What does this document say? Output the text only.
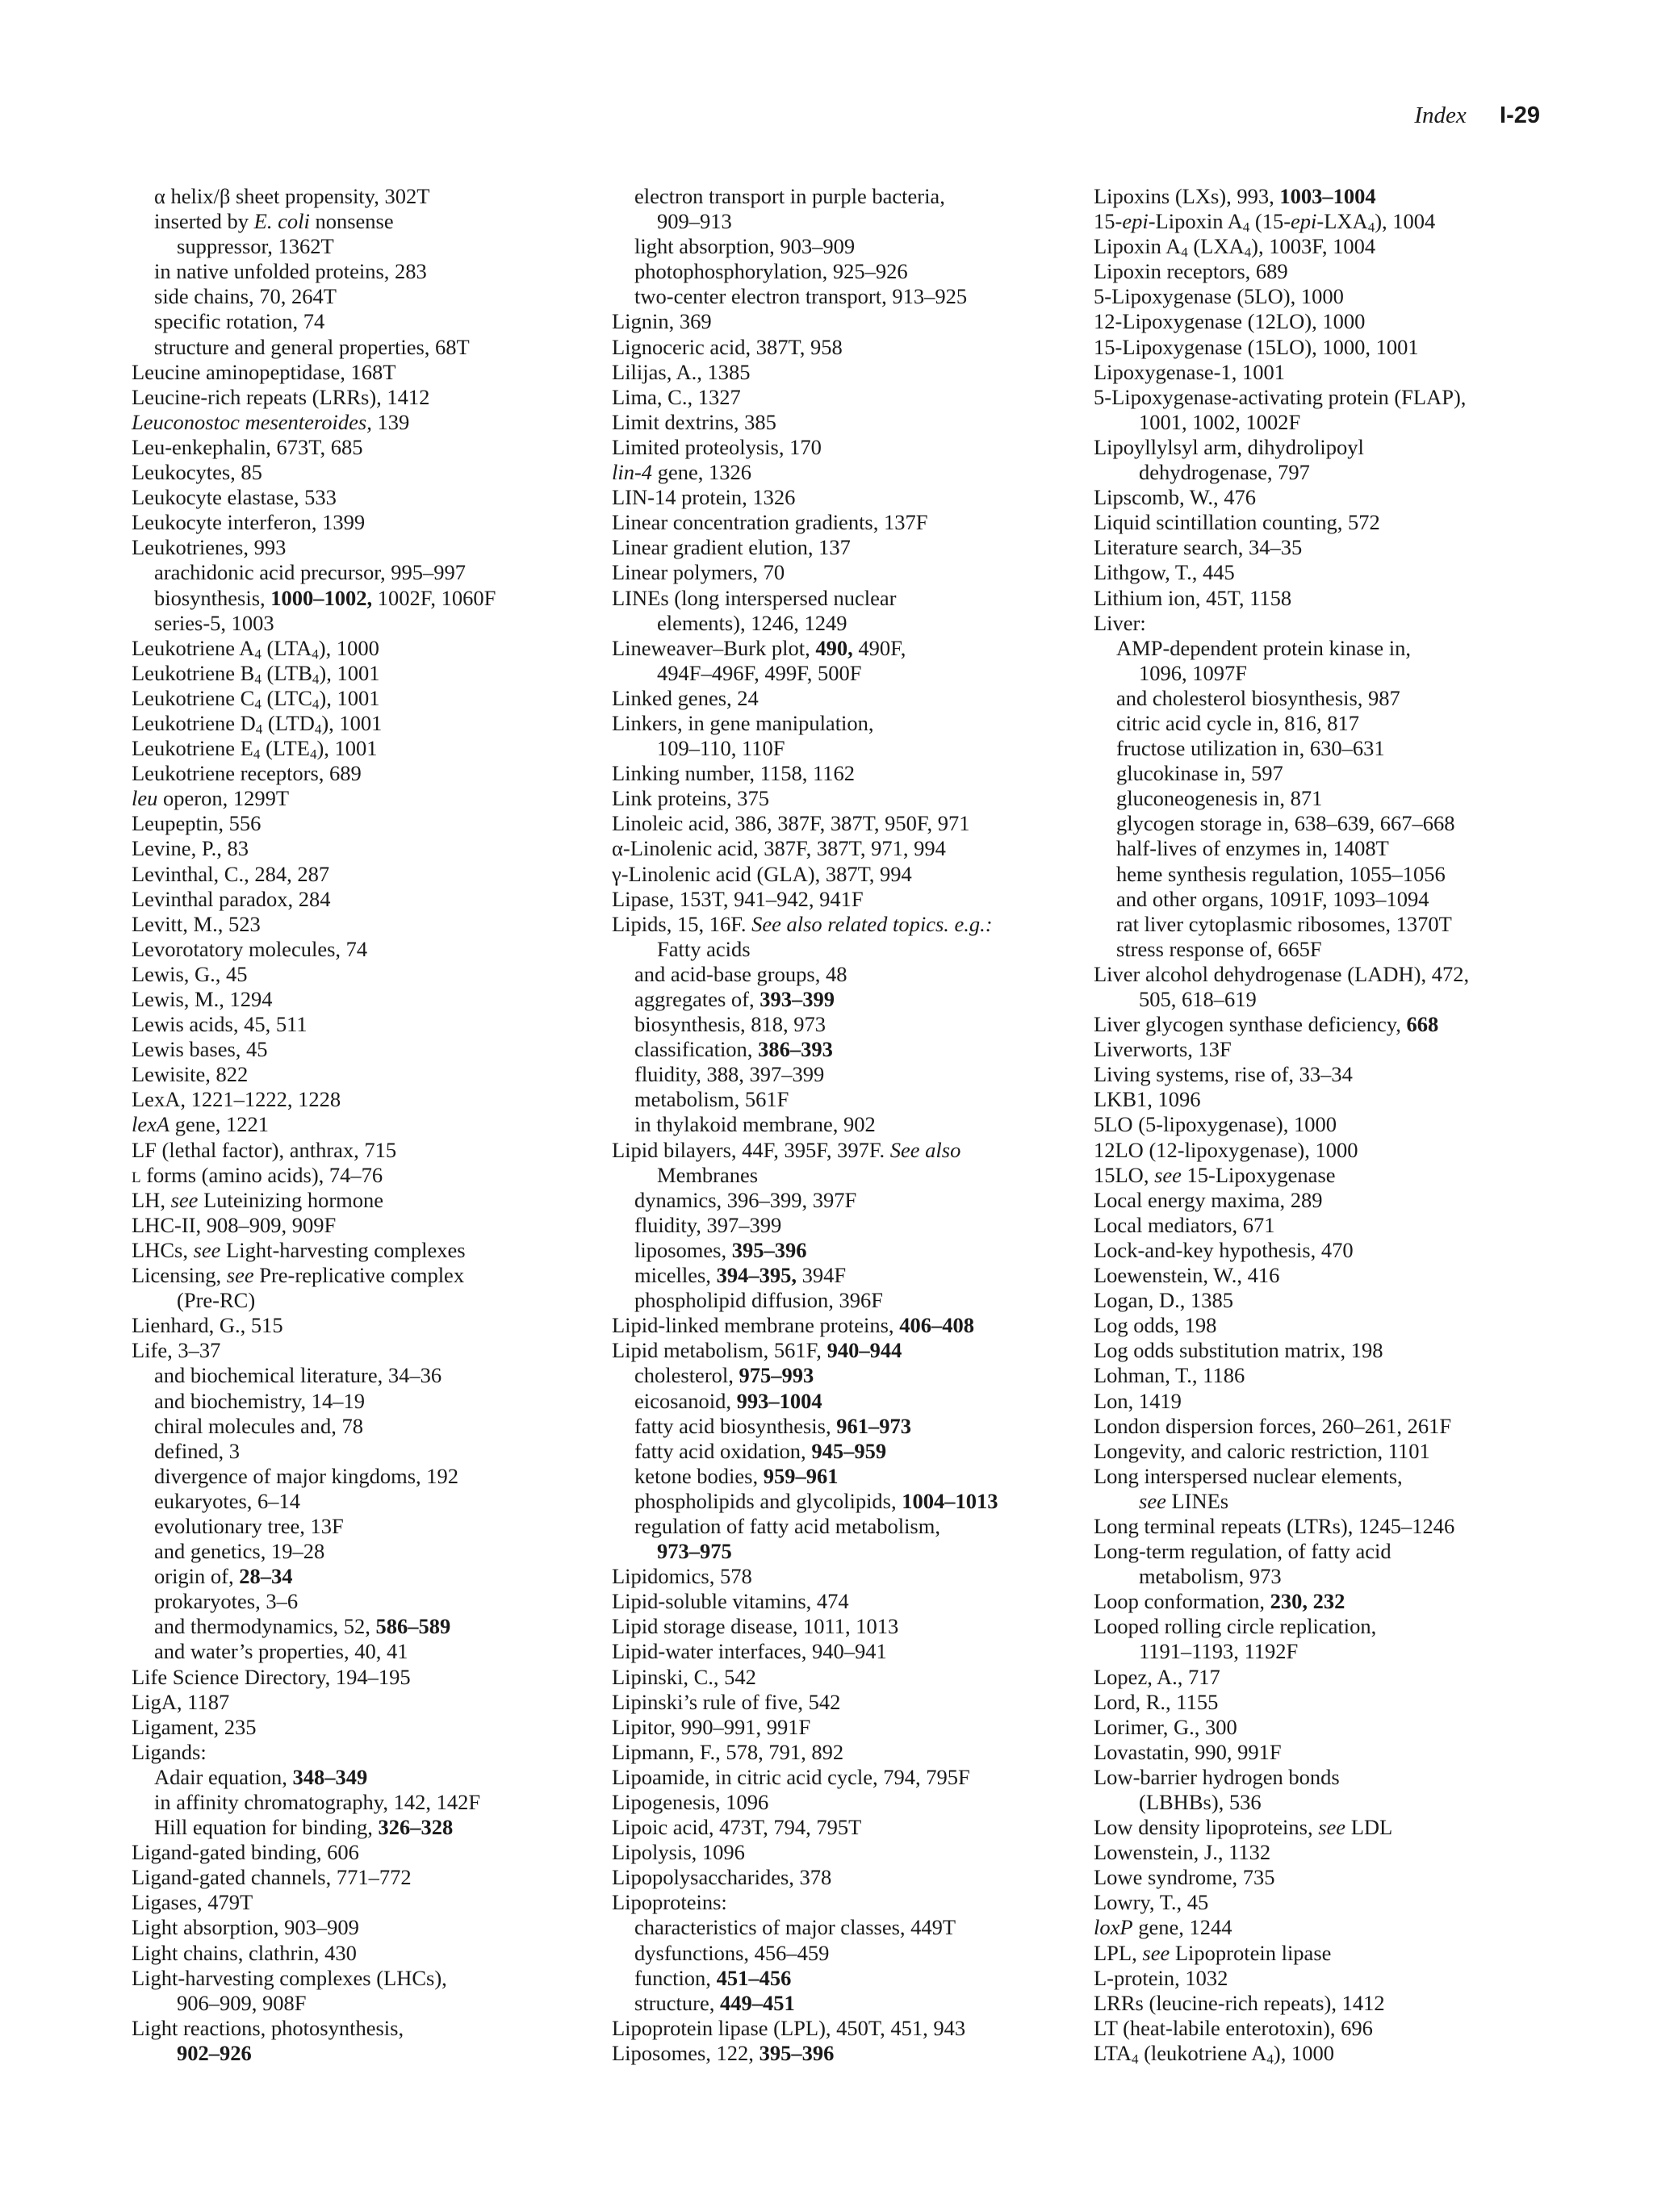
Index I-29
α helix/β sheet propensity, 302T
inserted by E. coli nonsense
suppressor, 1362T
in native unfolded proteins, 283
side chains, 70, 264T
specific rotation, 74
structure and general properties, 68T
Leucine aminopeptidase, 168T
Leucine-rich repeats (LRRs), 1412
Leuconostoc mesenteroides, 139
Leu-enkephalin, 673T, 685
Leukocytes, 85
Leukocyte elastase, 533
Leukocyte interferon, 1399
Leukotrienes, 993
arachidonic acid precursor, 995–997
biosynthesis, 1000–1002, 1002F, 1060F
series-5, 1003
Leukotriene $A_4$ $(LTA_4)$, 1000
Leukotriene $B_4$ $(LTB_4)$, 1001
Leukotriene $C_4$ $(LTC_4)$, 1001
Leukotriene $D_4$ $(LTD_4)$, 1001
Leukotriene $E_4$ $(LTE_4)$, 1001
Leukotriene receptors, 689
leu operon, 1299T
Leupeptin, 556
Levine, P., 83
Levinthal, C., 284, 287
Levinthal paradox, 284
Levitt, M., 523
Levorotatory molecules, 74
Lewis, G., 45
Lewis, M., 1294
Lewis acids, 45, 511
Lewis bases, 45
Lewisite, 822
LexA, 1221–1222, 1228
lexA gene, 1221
LF (lethal factor), anthrax, 715
L forms (amino acids), 74–76
LH, see Luteinizing hormone
LHC-II, 908–909, 909F
LHCs, see Light-harvesting complexes
Licensing, see Pre-replicative complex
(Pre-RC)
Lienhard, G., 515
Life, 3–37
and biochemical literature, 34–36
and biochemistry, 14–19
chiral molecules and, 78
defined, 3
divergence of major kingdoms, 192
eukaryotes, 6–14
evolutionary tree, 13F
and genetics, 19–28
origin of, 28–34
prokaryotes, 3–6
and thermodynamics, 52, 586–589
and water’s properties, 40, 41
Life Science Directory, 194–195
LigA, 1187
Ligament, 235
Ligands:
Adair equation, 348–349
in affinity chromatography, 142, 142F
Hill equation for binding, 326–328
Ligand-gated binding, 606
Ligand-gated channels, 771–772
Ligases, 479T
Light absorption, 903–909
Light chains, clathrin, 430
Light-harvesting complexes (LHCs),
906–909, 908F
Light reactions, photosynthesis,
902–926
electron transport in purple bacteria,
909–913
light absorption, 903–909
photophosphorylation, 925–926
two-center electron transport, 913–925
Lignin, 369
Lignoceric acid, 387T, 958
Lilijas, A., 1385
Lima, C., 1327
Limit dextrins, 385
Limited proteolysis, 170
lin-4 gene, 1326
LIN-14 protein, 1326
Linear concentration gradients, 137F
Linear gradient elution, 137
Linear polymers, 70
LINEs (long interspersed nuclear
elements), 1246, 1249
Lineweaver–Burk plot, 490, 490F,
494F–496F, 499F, 500F
Linked genes, 24
Linkers, in gene manipulation,
109–110, 110F
Linking number, 1158, 1162
Link proteins, 375
Linoleic acid, 386, 387F, 387T, 950F, 971
α-Linolenic acid, 387F, 387T, 971, 994
γ-Linolenic acid (GLA), 387T, 994
Lipase, 153T, 941–942, 941F
Lipids, 15, 16F. See also related topics. e.g.:
Fatty acids
and acid-base groups, 48
aggregates of, 393–399
biosynthesis, 818, 973
classification, 386–393
fluidity, 388, 397–399
metabolism, 561F
in thylakoid membrane, 902
Lipid bilayers, 44F, 395F, 397F. See also
Membranes
dynamics, 396–399, 397F
fluidity, 397–399
liposomes, 395–396
micelles, 394–395, 394F
phospholipid diffusion, 396F
Lipid-linked membrane proteins, 406–408
Lipid metabolism, 561F, 940–944
cholesterol, 975–993
eicosanoid, 993–1004
fatty acid biosynthesis, 961–973
fatty acid oxidation, 945–959
ketone bodies, 959–961
phospholipids and glycolipids, 1004–1013
regulation of fatty acid metabolism,
973–975
Lipidomics, 578
Lipid-soluble vitamins, 474
Lipid storage disease, 1011, 1013
Lipid-water interfaces, 940–941
Lipinski, C., 542
Lipinski’s rule of five, 542
Lipitor, 990–991, 991F
Lipmann, F., 578, 791, 892
Lipoamide, in citric acid cycle, 794, 795F
Lipogenesis, 1096
Lipoic acid, 473T, 794, 795T
Lipolysis, 1096
Lipopolysaccharides, 378
Lipoproteins:
characteristics of major classes, 449T
dysfunctions, 456–459
function, 451–456
structure, 449–451
Lipoprotein lipase (LPL), 450T, 451, 943
Liposomes, 122, 395–396
Lipoxins (LXs), 993, 1003–1004
15-epi-Lipoxin $A_4$ $(15-epi-LXA_4)$, 1004
Lipoxin $A_4$ $(LXA_4)$, 1003F, 1004
Lipoxin receptors, 689
5-Lipoxygenase (5LO), 1000
12-Lipoxygenase (12LO), 1000
15-Lipoxygenase (15LO), 1000, 1001
Lipoxygenase-1, 1001
5-Lipoxygenase-activating protein (FLAP),
1001, 1002, 1002F
Lipoyllylsyl arm, dihydrolipoyl
dehydrogenase, 797
Lipscomb, W., 476
Liquid scintillation counting, 572
Literature search, 34–35
Lithgow, T., 445
Lithium ion, 45T, 1158
Liver:
AMP-dependent protein kinase in,
1096, 1097F
and cholesterol biosynthesis, 987
citric acid cycle in, 816, 817
fructose utilization in, 630–631
glucokinase in, 597
gluconeogenesis in, 871
glycogen storage in, 638–639, 667–668
half-lives of enzymes in, 1408T
heme synthesis regulation, 1055–1056
and other organs, 1091F, 1093–1094
rat liver cytoplasmic ribosomes, 1370T
stress response of, 665F
Liver alcohol dehydrogenase (LADH), 472,
505, 618–619
Liver glycogen synthase deficiency, 668
Liverworts, 13F
Living systems, rise of, 33–34
LKB1, 1096
5LO (5-lipoxygenase), 1000
12LO (12-lipoxygenase), 1000
15LO, see 15-Lipoxygenase
Local energy maxima, 289
Local mediators, 671
Lock-and-key hypothesis, 470
Loewenstein, W., 416
Logan, D., 1385
Log odds, 198
Log odds substitution matrix, 198
Lohman, T., 1186
Lon, 1419
London dispersion forces, 260–261, 261F
Longevity, and caloric restriction, 1101
Long interspersed nuclear elements,
see LINEs
Long terminal repeats (LTRs), 1245–1246
Long-term regulation, of fatty acid
metabolism, 973
Loop conformation, 230, 232
Looped rolling circle replication,
1191–1193, 1192F
Lopez, A., 717
Lord, R., 1155
Lorimer, G., 300
Lovastatin, 990, 991F
Low-barrier hydrogen bonds
(LBHBs), 536
Low density lipoproteins, see LDL
Lowenstein, J., 1132
Lowe syndrome, 735
Lowry, T., 45
loxP gene, 1244
LPL, see Lipoprotein lipase
L-protein, 1032
LRRs (leucine-rich repeats), 1412
LT (heat-labile enterotoxin), 696
$LTA_4$ (leukotriene $A_4$), 1000
